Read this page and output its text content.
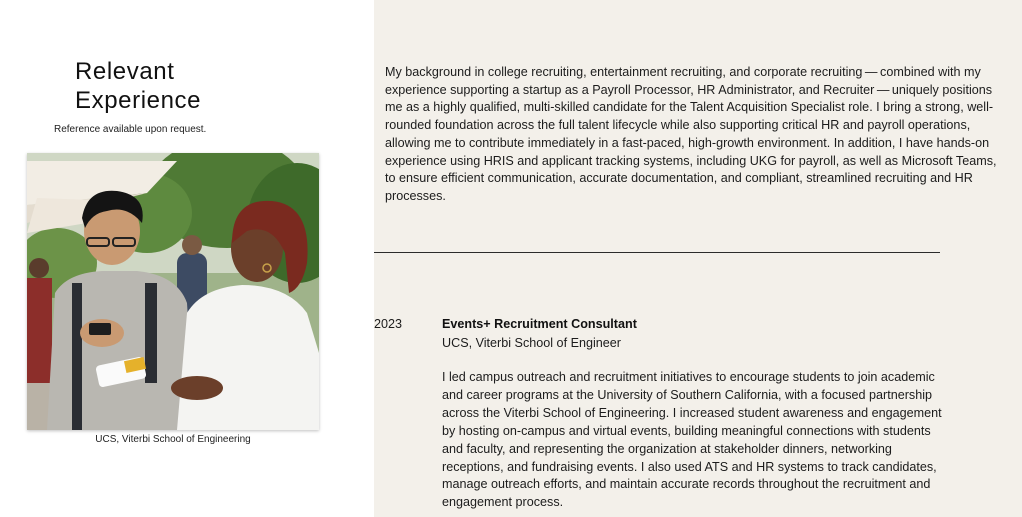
Relevant
Experience
Reference available upon request.
UCS, Viterbi School of Engineering
My background in college recruiting, entertainment recruiting, and corporate recruiting — combined with my experience supporting a startup as a Payroll Processor, HR Administrator, and Recruiter — uniquely positions me as a highly qualified, multi-skilled candidate for the Talent Acquisition Specialist role. I bring a strong, well-rounded foundation across the full talent lifecycle while also supporting critical HR and payroll operations, allowing me to contribute immediately in a fast-paced, high-growth environment. In addition, I have hands-on experience using HRIS and applicant tracking systems, including UKG for payroll, as well as Microsoft Teams, to ensure efficient communication, accurate documentation, and compliant, streamlined recruiting and HR processes.
2023	Events+ Recruitment Consultant
UCS, Viterbi School of Engineer
I led campus outreach and recruitment initiatives to encourage students to join academic and career programs at the University of Southern California, with a focused partnership across the Viterbi School of Engineering. I increased student awareness and engagement by hosting on-campus and virtual events, building meaningful connections with students and faculty, and representing the organization at stakeholder dinners, networking receptions, and fundraising events. I also used ATS and HR systems to track candidates, manage outreach efforts, and maintain accurate records throughout the recruitment and engagement process.
